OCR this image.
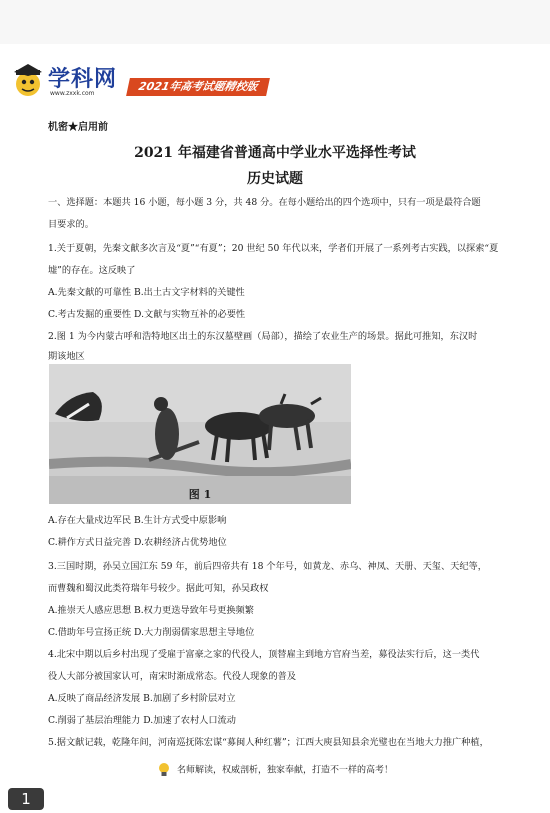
学科网
www.zxxk.com
2021年高考试题精校版
机密★启用前
2021 年福建省普通高中学业水平选择性考试
历史试题
一、选择题：本题共 16 小题，每小题 3 分，共 48 分。在每小题给出的四个选项中，只有一项是最符合题
目要求的。
1.关于夏朝，先秦文献多次言及“夏”“有夏”；20 世纪 50 年代以来，学者们开展了一系列考古实践，以探索“夏
墟”的存在。这反映了
A.先秦文献的可靠性 B.出土古文字材料的关键性
C.考古发掘的重要性 D.文献与实物互补的必要性
2.图 1 为今内蒙古呼和浩特地区出土的东汉墓壁画（局部），描绘了农业生产的场景。据此可推知，东汉时
期该地区
图 1
A.存在大量戍边军民 B.生计方式受中原影响
C.耕作方式日益完善 D.农耕经济占优势地位
3.三国时期，孙吴立国江东 59 年，前后四帝共有 18 个年号，如黄龙、赤乌、神凤、天册、天玺、天纪等，
而曹魏和蜀汉此类符瑞年号较少。据此可知，孙吴政权
A.推崇天人感应思想 B.权力更迭导致年号更换频繁
C.借助年号宣扬正统 D.大力削弱儒家思想主导地位
4.北宋中期以后乡村出现了受雇于富豪之家的代役人，顶替雇主到地方官府当差，募役法实行后，这一类代
役人大部分被国家认可，南宋时渐成常态。代役人现象的普及
A.反映了商品经济发展 B.加剧了乡村阶层对立
C.削弱了基层治理能力 D.加速了农村人口流动
5.据文献记载，乾隆年间，河南巡抚陈宏谋“募闽人种红薯”；江西大庾县知县余光璧也在当地大力推广种植，
名师解读，权威剖析，独家奉献，打造不一样的高考！
1
